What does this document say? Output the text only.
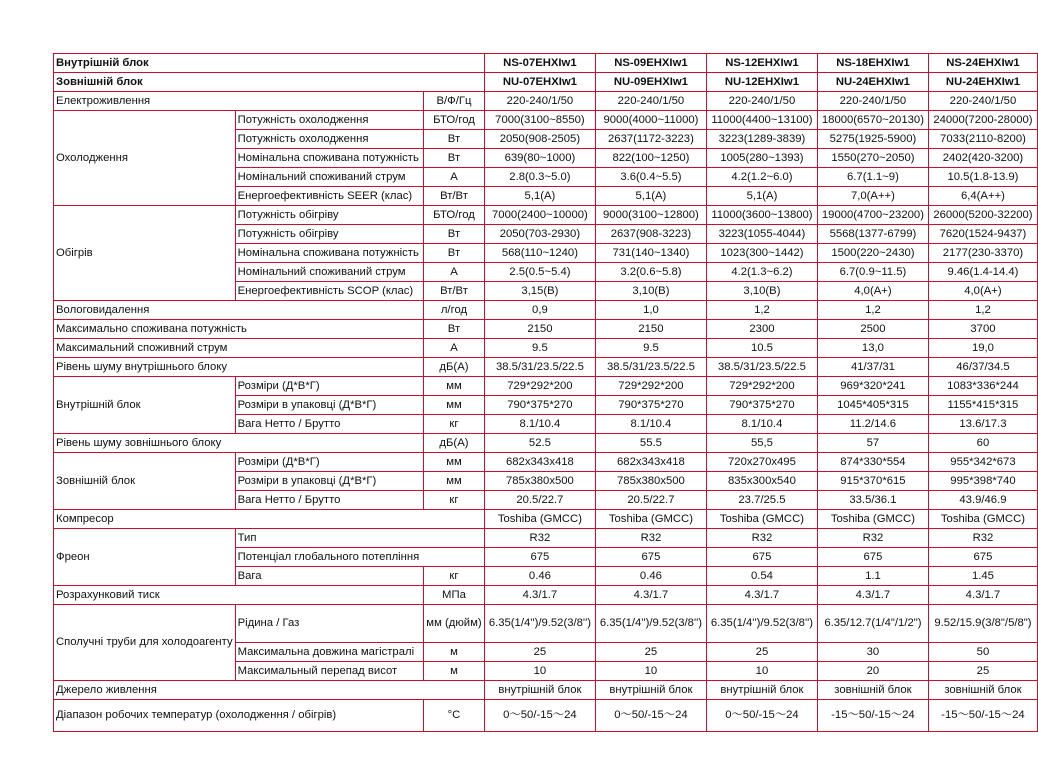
Внутрішній блок			NS-07EHXIw1	NS-09EHXIw1	NS-12EHXIw1	NS-18EHXIw1	NS-24EHXIw1
Зовнішній блок			NU-07EHXIw1	NU-09EHXIw1	NU-12EHXIw1	NU-24EHXIw1	NU-24EHXIw1
Електроживлення		В/Ф/Гц	220-240/1/50	220-240/1/50	220-240/1/50	220-240/1/50	220-240/1/50
Охолодження	Потужність охолодження	БТО/год	7000(3100~8550)	9000(4000~11000)	11000(4400~13100)	18000(6570~20130)	24000(7200-28000)
	Потужність охолодження	Вт	2050(908-2505)	2637(1172-3223)	3223(1289-3839)	5275(1925-5900)	7033(2110-8200)
	Номінальна споживана потужність	Вт	639(80~1000)	822(100~1250)	1005(280~1393)	1550(270~2050)	2402(420-3200)
	Номінальний споживаний струм	А	2.8(0.3~5.0)	3.6(0.4~5.5)	4.2(1.2~6.0)	6.7(1.1~9)	10.5(1.8-13.9)
	Енергоефективність SEER (клас)	Вт/Вт	5,1(A)	5,1(A)	5,1(A)	7,0(A++)	6,4(A++)
Обігрів	Потужність обігріву	БТО/год	7000(2400~10000)	9000(3100~12800)	11000(3600~13800)	19000(4700~23200)	26000(5200-32200)
	Потужність обігріву	Вт	2050(703-2930)	2637(908-3223)	3223(1055-4044)	5568(1377-6799)	7620(1524-9437)
	Номінальна споживана потужність	Вт	568(110~1240)	731(140~1340)	1023(300~1442)	1500(220~2430)	2177(230-3370)
	Номінальний споживаний струм	А	2.5(0.5~5.4)	3.2(0.6~5.8)	4.2(1.3~6.2)	6.7(0.9~11.5)	9.46(1.4-14.4)
	Енергоефективність SCOP (клас)	Вт/Вт	3,15(B)	3,10(B)	3,10(B)	4,0(A+)	4,0(A+)
Вологовидалення		л/год	0,9	1,0	1,2	1,2	1,2
Максимально споживана потужність		Вт	2150	2150	2300	2500	3700
Максимальний споживний струм		А	9.5	9.5	10.5	13,0	19,0
Рівень шуму внутрішнього блоку		дБ(А)	38.5/31/23.5/22.5	38.5/31/23.5/22.5	38.5/31/23.5/22.5	41/37/31	46/37/34.5
Внутрішній блок	Розміри (Д*В*Г)	мм	729*292*200	729*292*200	729*292*200	969*320*241	1083*336*244
	Розміри в упаковці (Д*В*Г)	мм	790*375*270	790*375*270	790*375*270	1045*405*315	1155*415*315
	Вага Нетто / Брутто	кг	8.1/10.4	8.1/10.4	8.1/10.4	11.2/14.6	13.6/17.3
Рівень шуму зовнішнього блоку		дБ(А)	52.5	55.5	55,5	57	60
Зовнішній блок	Розміри (Д*В*Г)	мм	682x343x418	682x343x418	720x270x495	874*330*554	955*342*673
	Розміри в упаковці (Д*В*Г)	мм	785x380x500	785x380x500	835x300x540	915*370*615	995*398*740
	Вага Нетто / Брутто	кг	20.5/22.7	20.5/22.7	23.7/25.5	33.5/36.1	43.9/46.9
Компресор			Toshiba (GMCC)	Toshiba (GMCC)	Toshiba (GMCC)	Toshiba (GMCC)	Toshiba (GMCC)
Фреон	Тип		R32	R32	R32	R32	R32
	Потенціал глобального потепління		675	675	675	675	675
	Вага	кг	0.46	0.46	0.54	1.1	1.45
Розрахунковий тиск		МПа	4.3/1.7	4.3/1.7	4.3/1.7	4.3/1.7	4.3/1.7
Сполучні труби для холодоагенту	Рідина / Газ	мм (дюйм)	6.35(1/4'')/9.52(3/8'')	6.35(1/4'')/9.52(3/8'')	6.35(1/4'')/9.52(3/8'')	6.35/12.7(1/4"/1/2")	9.52/15.9(3/8"/5/8")
	Максимальна довжина магістралі	м	25	25	25	30	50
	Максимальный перепад висот	м	10	10	10	20	25
Джерело живлення			внутрішній блок	внутрішній блок	внутрішній блок	зовнішній блок	зовнішній блок
Діапазон робочих температур (охолодження / обігрів)		°C	0～50/-15～24	0～50/-15～24	0～50/-15～24	-15～50/-15～24	-15～50/-15～24
